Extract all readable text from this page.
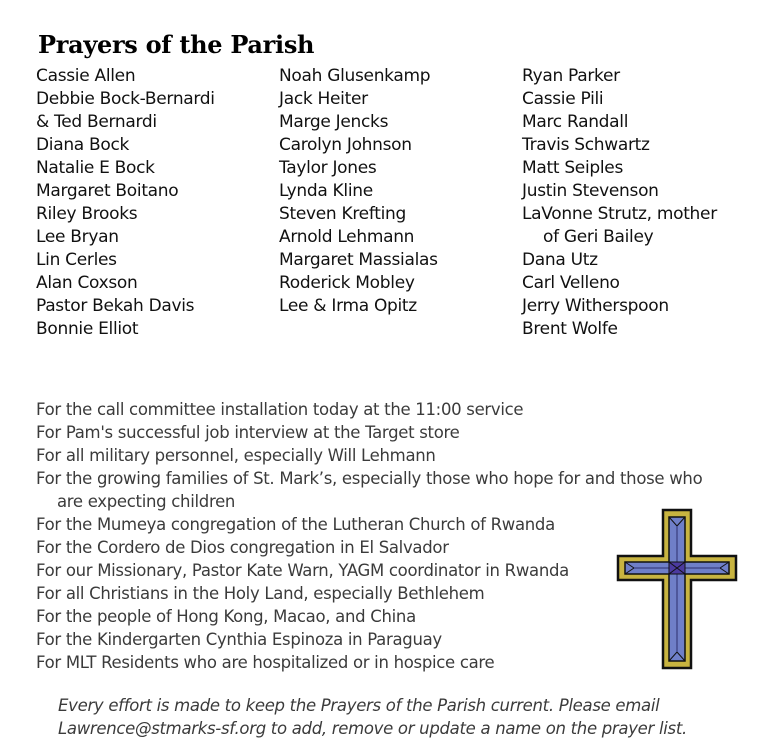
Prayers of the Parish
Cassie Allen
Debbie Bock-Bernardi
& Ted Bernardi
Diana Bock
Natalie E Bock
Margaret Boitano
Riley Brooks
Lee Bryan
Lin Cerles
Alan Coxson
Pastor Bekah Davis
Bonnie Elliot
Noah Glusenkamp
Jack Heiter
Marge Jencks
Carolyn Johnson
Taylor Jones
Lynda Kline
Steven Krefting
Arnold Lehmann
Margaret Massialas
Roderick Mobley
Lee & Irma Opitz
Ryan Parker
Cassie Pili
Marc Randall
Travis Schwartz
Matt Seiples
Justin Stevenson
LaVonne Strutz, mother
of Geri Bailey
Dana Utz
Carl Velleno
Jerry Witherspoon
Brent Wolfe
For the call committee installation today at the 11:00 service
For Pam's successful job interview at the Target store
For all military personnel, especially Will Lehmann
For the growing families of St. Mark’s, especially those who hope for and those who
are expecting children
For the Mumeya congregation of the Lutheran Church of Rwanda
For the Cordero de Dios congregation in El Salvador
For our Missionary, Pastor Kate Warn, YAGM coordinator in Rwanda
For all Christians in the Holy Land, especially Bethlehem
For the people of Hong Kong, Macao, and China
For the Kindergarten Cynthia Espinoza in Paraguay
For MLT Residents who are hospitalized or in hospice care
Every effort is made to keep the Prayers of the Parish current. Please email
Lawrence@stmarks-sf.org to add, remove or update a name on the prayer list.
